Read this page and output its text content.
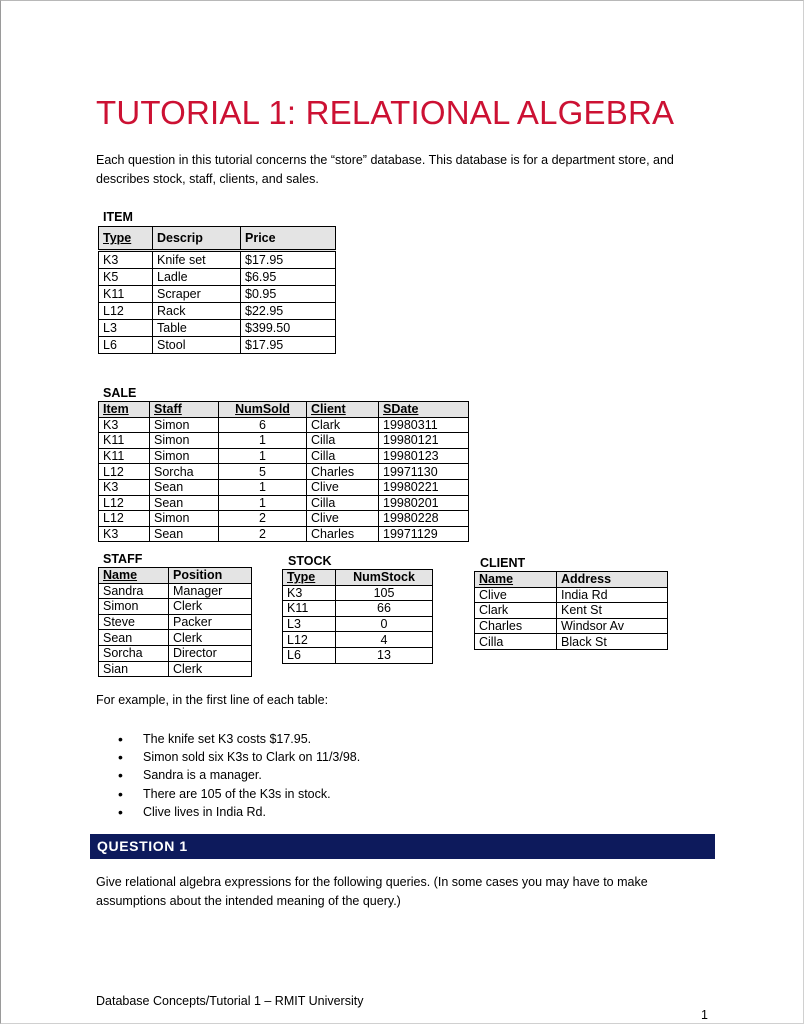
TUTORIAL 1: RELATIONAL ALGEBRA

Each question in this tutorial concerns the “store” database. This database is for a department store, and describes stock, staff, clients, and sales.

ITEM

Type	Descrip	Price
K3	Knife set	$17.95
K5	Ladle	$6.95
K11	Scraper	$0.95
L12	Rack	$22.95
L3	Table	$399.50
L6	Stool	$17.95

SALE

Item	Staff	NumSold	Client	SDate
K3	Simon	6	Clark	19980311
K11	Simon	1	Cilla	19980121
K11	Simon	1	Cilla	19980123
L12	Sorcha	5	Charles	19971130
K3	Sean	1	Clive	19980221
L12	Sean	1	Cilla	19980201
L12	Simon	2	Clive	19980228
K3	Sean	2	Charles	19971129

STAFF

Name	Position
Sandra	Manager
Simon	Clerk
Steve	Packer
Sean	Clerk
Sorcha	Director
Sian	Clerk

STOCK

Type	NumStock
K3	105
K11	66
L3	0
L12	4
L6	13

CLIENT

Name	Address
Clive	India Rd
Clark	Kent St
Charles	Windsor Av
Cilla	Black St

For example, in the first line of each table:

• The knife set K3 costs $17.95.
• Simon sold six K3s to Clark on 11/3/98.
• Sandra is a manager.
• There are 105 of the K3s in stock.
• Clive lives in India Rd.
QUESTION 1

Give relational algebra expressions for the following queries. (In some cases you may have to make assumptions about the intended meaning of the query.)

Database Concepts/Tutorial 1 – RMIT University

1
